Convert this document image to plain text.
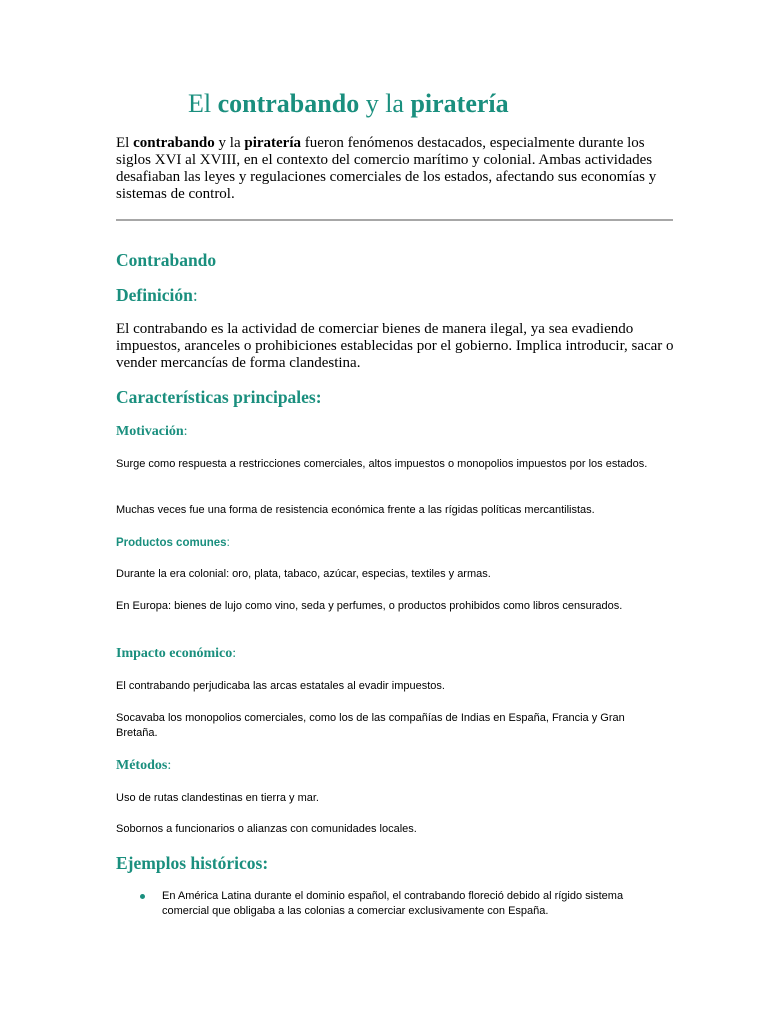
El contrabando y la piratería

El contrabando y la piratería fueron fenómenos destacados, especialmente durante los siglos XVI al XVIII, en el contexto del comercio marítimo y colonial. Ambas actividades desafiaban las leyes y regulaciones comerciales de los estados, afectando sus economías y sistemas de control.

Contrabando
Definición:

El contrabando es la actividad de comerciar bienes de manera ilegal, ya sea evadiendo impuestos, aranceles o prohibiciones establecidas por el gobierno. Implica introducir, sacar o vender mercancías de forma clandestina.

Características principales:
Motivación:

Surge como respuesta a restricciones comerciales, altos impuestos o monopolios impuestos por los estados.

Muchas veces fue una forma de resistencia económica frente a las rígidas políticas mercantilistas.

Productos comunes:

Durante la era colonial: oro, plata, tabaco, azúcar, especias, textiles y armas.

En Europa: bienes de lujo como vino, seda y perfumes, o productos prohibidos como libros censurados.

Impacto económico:

El contrabando perjudicaba las arcas estatales al evadir impuestos.

Socavaba los monopolios comerciales, como los de las compañías de Indias en España, Francia y Gran Bretaña.

Métodos:

Uso de rutas clandestinas en tierra y mar.

Sobornos a funcionarios o alianzas con comunidades locales.

Ejemplos históricos:
En América Latina durante el dominio español, el contrabando floreció debido al rígido sistema comercial que obligaba a las colonias a comerciar exclusivamente con España.
